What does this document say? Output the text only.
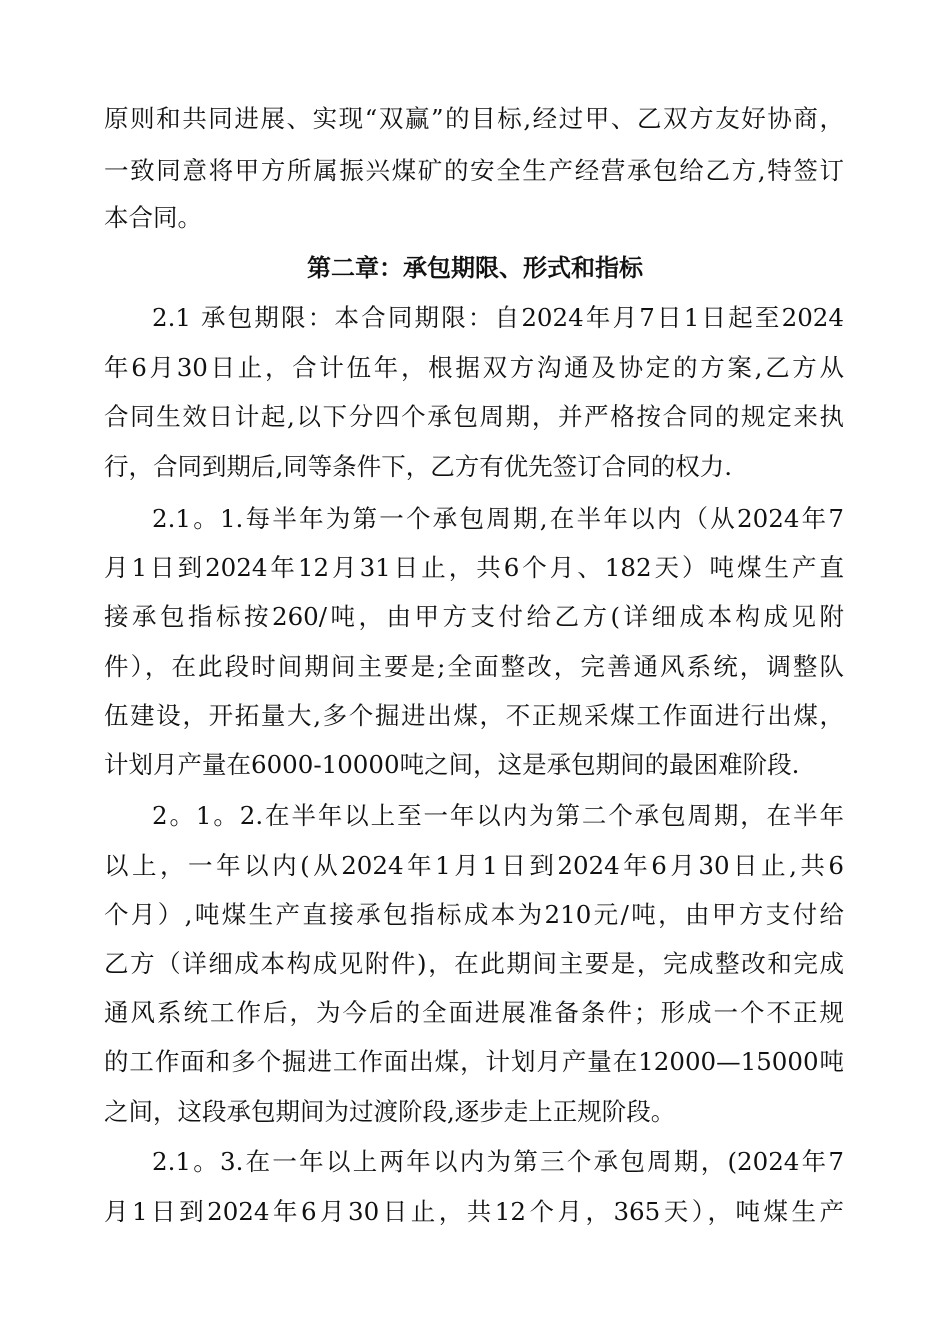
原则和共同进展、实现“双赢”的目标,经过甲、乙双方友好协商，
一致同意将甲方所属振兴煤矿的安全生产经营承包给乙方,特签订
本合同。
第二章：承包期限、形式和指标
2.1 承包期限：本合同期限：自2024年月7日1日起至2024
年6月30日止，合计伍年，根据双方沟通及协定的方案,乙方从
合同生效日计起,以下分四个承包周期，并严格按合同的规定来执
行，合同到期后,同等条件下，乙方有优先签订合同的权力.
2.1。1.每半年为第一个承包周期,在半年以内（从2024年7
月1日到2024年12月31日止，共6个月、182天）吨煤生产直
接承包指标按260/吨，由甲方支付给乙方(详细成本构成见附
件），在此段时间期间主要是;全面整改，完善通风系统，调整队
伍建设，开拓量大,多个掘进出煤，不正规采煤工作面进行出煤，
计划月产量在6000-10000吨之间，这是承包期间的最困难阶段.
2。1。2.在半年以上至一年以内为第二个承包周期，在半年
以上，一年以内(从2024年1月1日到2024年6月30日止,共6
个月）,吨煤生产直接承包指标成本为210元/吨，由甲方支付给
乙方（详细成本构成见附件)，在此期间主要是，完成整改和完成
通风系统工作后，为今后的全面进展准备条件；形成一个不正规
的工作面和多个掘进工作面出煤，计划月产量在12000—15000吨
之间，这段承包期间为过渡阶段,逐步走上正规阶段。
2.1。3.在一年以上两年以内为第三个承包周期，(2024年7
月1日到2024年6月30日止，共12个月，365天），吨煤生产
